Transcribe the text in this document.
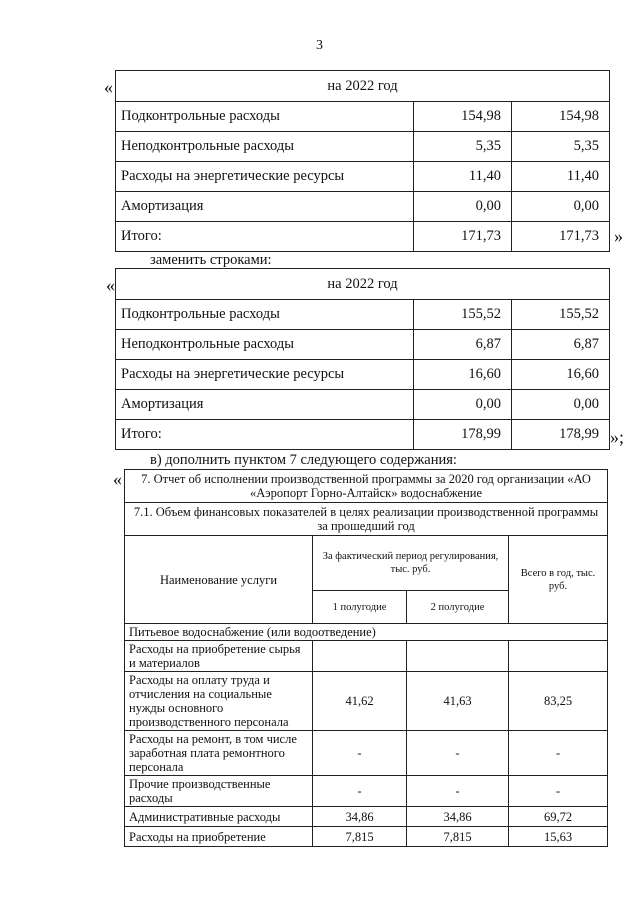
3
«	на 2022 год		
Подконтрольные расходы	154,98	154,98
Неподконтрольные расходы	5,35	5,35
Расходы на энергетические ресурсы	11,40	11,40
Амортизация	0,00	0,00
Итого:	171,73	171,73 »
заменить строками:
«	на 2022 год		
Подконтрольные расходы	155,52	155,52
Неподконтрольные расходы	6,87	6,87
Расходы на энергетические ресурсы	16,60	16,60
Амортизация	0,00	0,00
Итого:	178,99	178,99 »;
в) дополнить пунктом 7 следующего содержания:
« 7. Отчет об исполнении производственной программы за 2020 год организации «АО «Аэропорт Горно-Алтайск» водоснабжение			
7.1. Объем финансовых показателей в целях реализации производственной программы за прошедший год			
Наименование услуги	За фактический период регулирования, тыс. руб.		Всего в год, тыс. руб.
	1 полугодие	2 полугодие	
Питьевое водоснабжение (или водоотведение)			
Расходы на приобретение сырья и материалов			
Расходы на оплату труда и отчисления на социальные нужды основного производственного персонала	41,62	41,63	83,25
Расходы на ремонт, в том числе заработная плата ремонтного персонала	-	-	-
Прочие производственные расходы	-	-	-
Административные расходы	34,86	34,86	69,72
Расходы на приобретение	7,815	7,815	15,63
